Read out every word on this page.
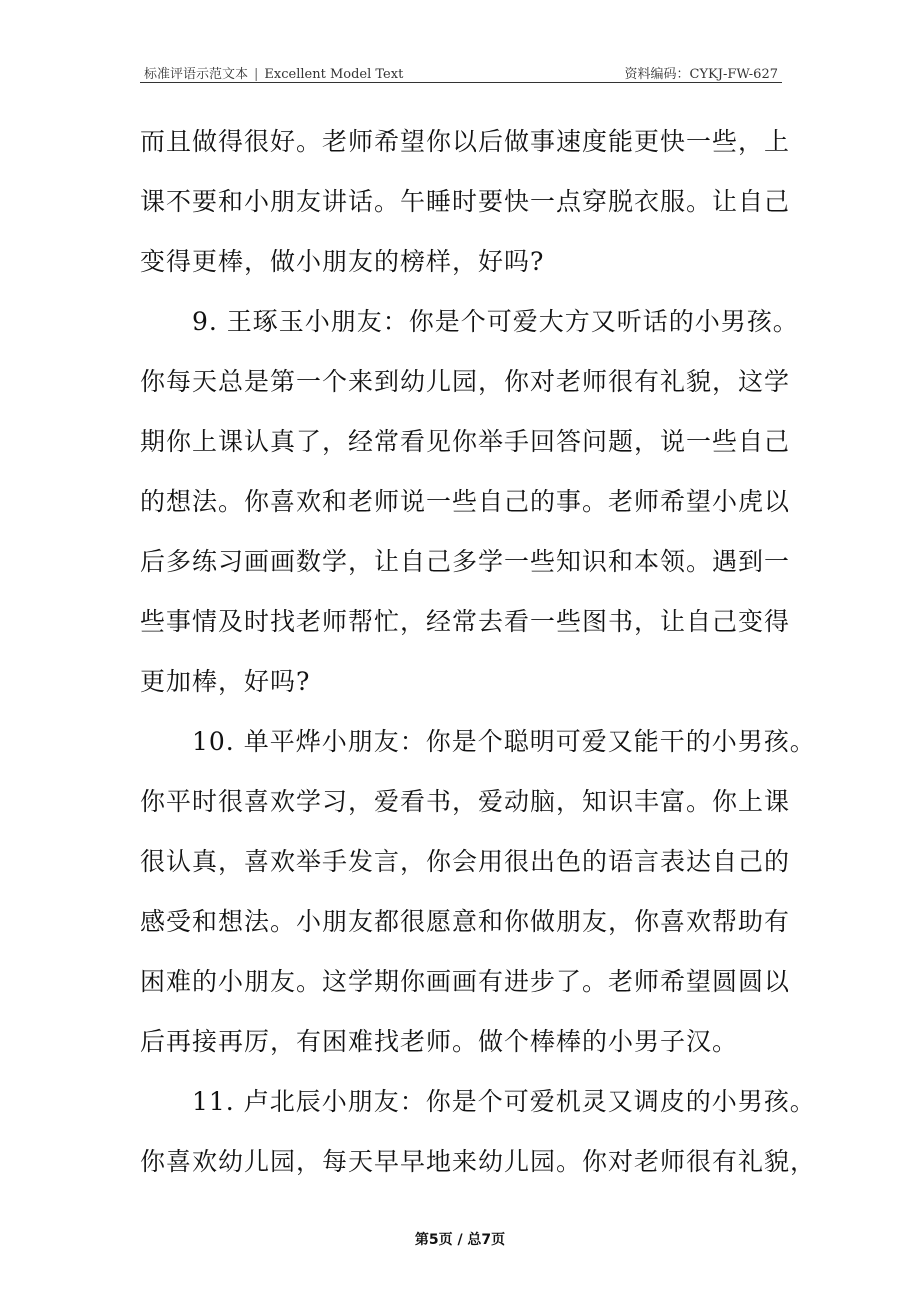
标准评语示范文本 | Excellent Model Text	资料编码：CYKJ-FW-627
而且做得很好。老师希望你以后做事速度能更快一些，上
课不要和小朋友讲话。午睡时要快一点穿脱衣服。让自己
变得更棒，做小朋友的榜样，好吗?
　　9. 王琢玉小朋友：你是个可爱大方又听话的小男孩。
你每天总是第一个来到幼儿园，你对老师很有礼貌，这学
期你上课认真了，经常看见你举手回答问题，说一些自己
的想法。你喜欢和老师说一些自己的事。老师希望小虎以
后多练习画画数学，让自己多学一些知识和本领。遇到一
些事情及时找老师帮忙，经常去看一些图书，让自己变得
更加棒，好吗?
　　10. 单平烨小朋友：你是个聪明可爱又能干的小男孩。
你平时很喜欢学习，爱看书，爱动脑，知识丰富。你上课
很认真，喜欢举手发言，你会用很出色的语言表达自己的
感受和想法。小朋友都很愿意和你做朋友，你喜欢帮助有
困难的小朋友。这学期你画画有进步了。老师希望圆圆以
后再接再厉，有困难找老师。做个棒棒的小男子汉。
　　11. 卢北辰小朋友：你是个可爱机灵又调皮的小男孩。
你喜欢幼儿园，每天早早地来幼儿园。你对老师很有礼貌，
第5页 / 总7页
